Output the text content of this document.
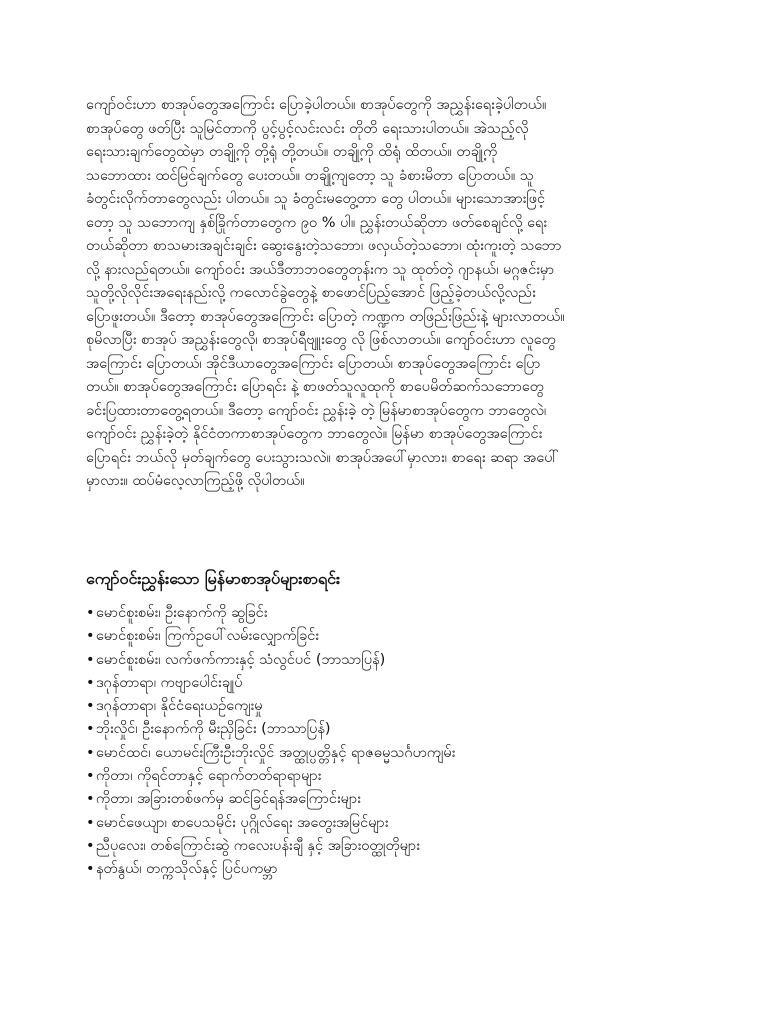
ကျော်ဝင်းဟာ စာအုပ်တွေအကြောင်း ပြောခဲ့ပါတယ်။ စာအုပ်တွေကို အညွှန်းရေးခဲ့ပါတယ်။
စာအုပ်တွေ ဖတ်ပြီး သူမြင်တာကို ပွင့်ပွင့်လင်းလင်း တိုတိ ရေးသားပါတယ်။ အဲသည့်လို
ရေးသားချက်တွေထဲမှာ တချို့ကို တို့ရုံ တို့တယ်။ တချို့ကို ထိရုံ ထိတယ်။ တချို့ကို
သဘောထား ထင်မြင်ချက်တွေ ပေးတယ်။ တချို့ကျတော့ သူ ခံစားမိတာ ပြောတယ်။ သူ
ခံတွင်းလိုက်တာတွေလည်း ပါတယ်။ သူ ခံတွင်းမတွေ့တာ တွေ ပါတယ်။ များသောအားဖြင့်
တော့ သူ သဘောကျ နှစ်ခြိုက်တာတွေက ၉၀ % ပါ။ ညွှန်းတယ်ဆိုတာ ဖတ်စေချင်လို့ ရေး
တယ်ဆိုတာ စာသမားအချင်းချင်း ဆွေးနွေးတဲ့သဘော၊ ဖလှယ်တဲ့သဘော၊ ထုံးကူးတဲ့ သဘော
လို့ နားလည်ရတယ်။ ကျော်ဝင်း အယ်ဒီတာဘဝတွေတုန်းက သူ ထုတ်တဲ့ ဂျာနယ်၊ မဂ္ဂဇင်းမှာ
သူတို့လိုလိုင်းအရေးနည်းလို့ ကလောင်ခွဲတွေနဲ့ စာဖောင်ပြည့်အောင် ဖြည့်ခဲ့တယ်လို့လည်း
ပြောဖူးတယ်။ ဒီတော့ စာအုပ်တွေအကြောင်း ပြောတဲ့ ကဏ္ဍက တဖြည်းဖြည်းနဲ့ များလာတယ်။
စုမိလာပြီး စာအုပ် အညွှန်းတွေလို၊ စာအုပ်ရီဗျူးတွေ လို ဖြစ်လာတယ်။ ကျော်ဝင်းဟာ လူတွေ
အကြောင်း ပြောတယ်၊ အိုင်ဒီယာတွေအကြောင်း ပြောတယ်၊ စာအုပ်တွေအကြောင်း ပြော
တယ်။ စာအုပ်တွေအကြောင်း ပြောရင်း နဲ့ စာဖတ်သူလူထုကို စာပေမိတ်ဆက်သဘောတွေ
ခင်းပြထားတာတွေ့ရတယ်။ ဒီတော့ ကျော်ဝင်း ညွှန်းခဲ့ တဲ့ မြန်မာစာအုပ်တွေက ဘာတွေလဲ၊
ကျော်ဝင်း ညွှန်းခဲ့တဲ့ နိုင်ငံတကာစာအုပ်တွေက ဘာတွေလဲ။ မြန်မာ စာအုပ်တွေအကြောင်း
ပြောရင်း ဘယ်လို မှတ်ချက်တွေ ပေးသွားသလဲ။ စာအုပ်အပေါ်မှာလား၊ စာရေး ဆရာ အပေါ်
မှာလား။ ထပ်မံလေ့လာကြည့်ဖို့ လိုပါတယ်။
ကျော်ဝင်းညွှန်းသော မြန်မာစာအုပ်များစာရင်း
•မောင်စူးစမ်း၊ ဦးနောက်ကို ဆွခြင်း
•မောင်စူးစမ်း၊ ကြက်ဥပေါ်လမ်းလျှောက်ခြင်း
•မောင်စူးစမ်း၊ လက်ဖက်ကားနှင့် သံလွင်ပင် (ဘာသာပြန်)
•ဒဂုန်တာရာ၊ ကဗျာပေါင်းချုပ်
•ဒဂုန်တာရာ၊ နိုင်ငံရေးယဉ်ကျေးမှု
•ဘိုးလှိုင်၊ ဦးနောက်ကို မီးညှိခြင်း (ဘာသာပြန်)
•မောင်ထင်၊ ယောမင်းကြီးဦးဘိုးလှိုင် အတ္ထုပ္ပတ္တိနှင့် ရာဇဓမ္မသင်္ဂဟကျမ်း
•ကိုတာ၊ ကိုရင်တာနှင့် ရောက်တတ်ရာရာများ
•ကိုတာ၊ အခြားတစ်ဖက်မှ ဆင်ခြင်ရန်အကြောင်းများ
•မောင်ဖေယျာ၊ စာပေသမိုင်း ပုဂ္ဂိုလ်ရေး အတွေးအမြင်များ
•ညီပုလေး၊ တစ်ကြောင်းဆွဲ ကလေးပန်းချီ နှင့် အခြားဝတ္ထုတိုများ
•နတ်နွယ်၊ တက္ကသိုလ်နှင့် ပြင်ပကမ္ဘာ
